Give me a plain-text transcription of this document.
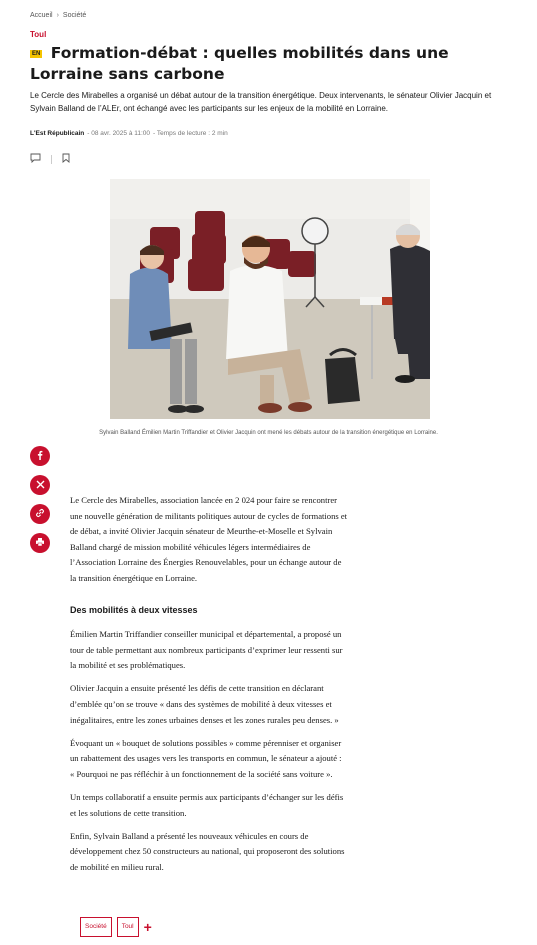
Accueil › Société
Toul
EN Formation-débat : quelles mobilités dans une Lorraine sans carbone

Le Cercle des Mirabelles a organisé un débat autour de la transition énergétique. Deux intervenants, le sénateur Olivier Jacquin et Sylvain Balland de l’ALEr, ont échangé avec les participants sur les enjeux de la mobilité en Lorraine.

L'Est Républicain - 08 avr. 2025 à 11:00 - Temps de lecture : 2 min

Sylvain Balland Émilien Martin Triffandier et Olivier Jacquin ont mené les débats autour de la transition énergétique en Lorraine.

Le Cercle des Mirabelles, association lancée en 2 024 pour faire se rencontrer une nouvelle génération de militants politiques autour de cycles de formations et de débat, a invité Olivier Jacquin sénateur de Meurthe-et-Moselle et Sylvain Balland chargé de mission mobilité véhicules légers intermédiaires de l’Association Lorraine des Énergies Renouvelables, pour un échange autour de la transition énergétique en Lorraine.

Des mobilités à deux vitesses

Émilien Martin Triffandier conseiller municipal et départemental, a proposé un tour de table permettant aux nombreux participants d’exprimer leur ressenti sur la mobilité et ses problématiques.

Olivier Jacquin a ensuite présenté les défis de cette transition en déclarant d’emblée qu’on se trouve « dans des systèmes de mobilité à deux vitesses et inégalitaires, entre les zones urbaines denses et les zones rurales peu denses. »

Évoquant un « bouquet de solutions possibles » comme pérenniser et organiser un rabattement des usages vers les transports en commun, le sénateur a ajouté : « Pourquoi ne pas réfléchir à un fonctionnement de la société sans voiture ».

Un temps collaboratif a ensuite permis aux participants d’échanger sur les défis et les solutions de cette transition.

Enfin, Sylvain Balland a présenté les nouveaux véhicules en cours de développement chez 50 constructeurs au national, qui proposeront des solutions de mobilité en milieu rural.

Société	Toul +
